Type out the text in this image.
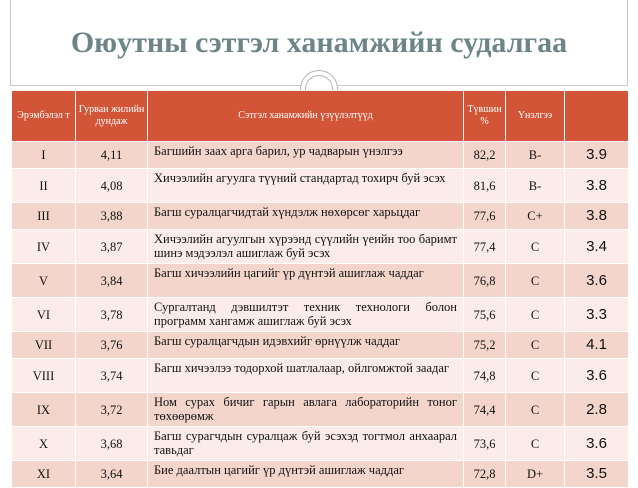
Оюутны сэтгэл ханамжийн судалгаа
Эрэмбэлэл т	Гурван жилийн дундаж	Сэтгэл ханамжийн үзүүлэлтүүд	Түвшин %	Үнэлгээ	
I	4,11	Багшийн заах арга барил, ур чадварын үнэлгээ	82,2	B-	3.9
II	4,08	Хичээлийн агуулга түүний стандартад тохирч буй эсэх	81,6	B-	3.8
III	3,88	Багш суралцагчидтай хүндэлж нөхөрсөг харьцдаг	77,6	C+	3.8
IV	3,87	Хичээлийн агуулгын хүрээнд сүүлийн үеийн тоо баримт шинэ мэдээлэл ашиглаж буй эсэх	77,4	C	3.4
V	3,84	Багш хичээлийн цагийг үр дүнтэй ашиглаж чаддаг	76,8	C	3.6
VI	3,78	Сургалтанд дэвшилтэт техник технологи болон программ хангамж ашиглаж буй эсэх	75,6	C	3.3
VII	3,76	Багш суралцагчдын идэвхийг өрнүүлж чаддаг	75,2	C	4.1
VIII	3,74	Багш хичээлээ тодорхой шатлалаар, ойлгомжтой заадаг	74,8	C	3.6
IX	3,72	Ном сурах бичиг гарын авлага лабораторийн тоног төхөөрөмж	74,4	C	2.8
X	3,68	Багш сурагчдын суралцаж буй эсэхэд тогтмол анхаарал тавьдаг	73,6	C	3.6
XI	3,64	Бие даалтын цагийг үр дүнтэй ашиглаж чаддаг	72,8	D+	3.5
